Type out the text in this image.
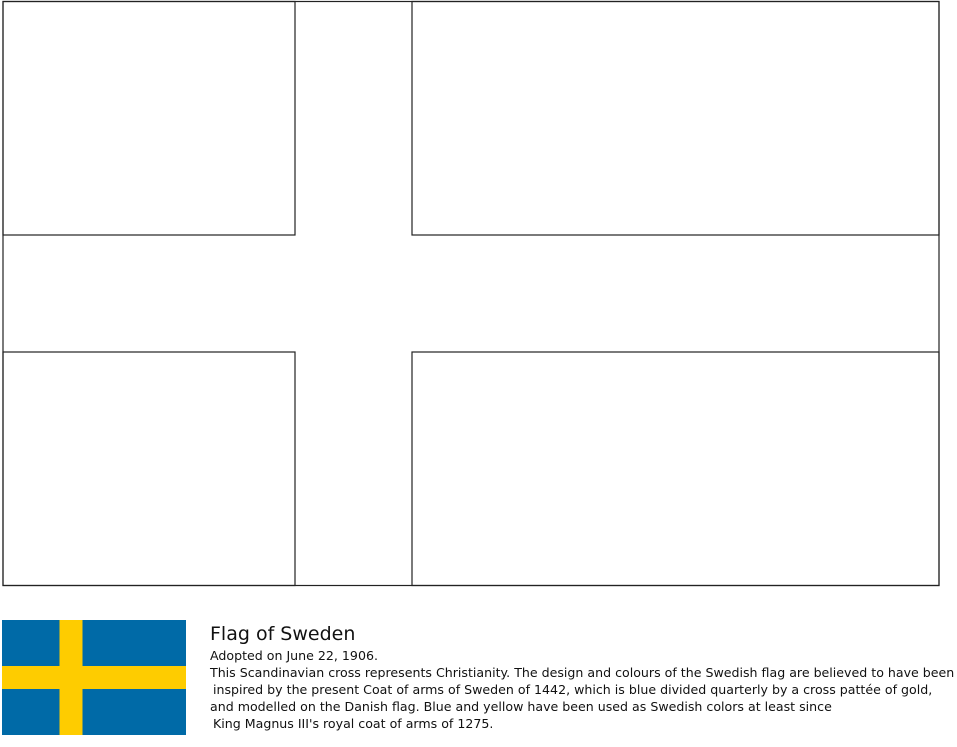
Flag of Sweden
Adopted on June 22, 1906.
This Scandinavian cross represents Christianity. The design and colours of the Swedish flag are believed to have been
inspired by the present Coat of arms of Sweden of 1442, which is blue divided quarterly by a cross pattée of gold,
and modelled on the Danish flag. Blue and yellow have been used as Swedish colors at least since
King Magnus III's royal coat of arms of 1275.
